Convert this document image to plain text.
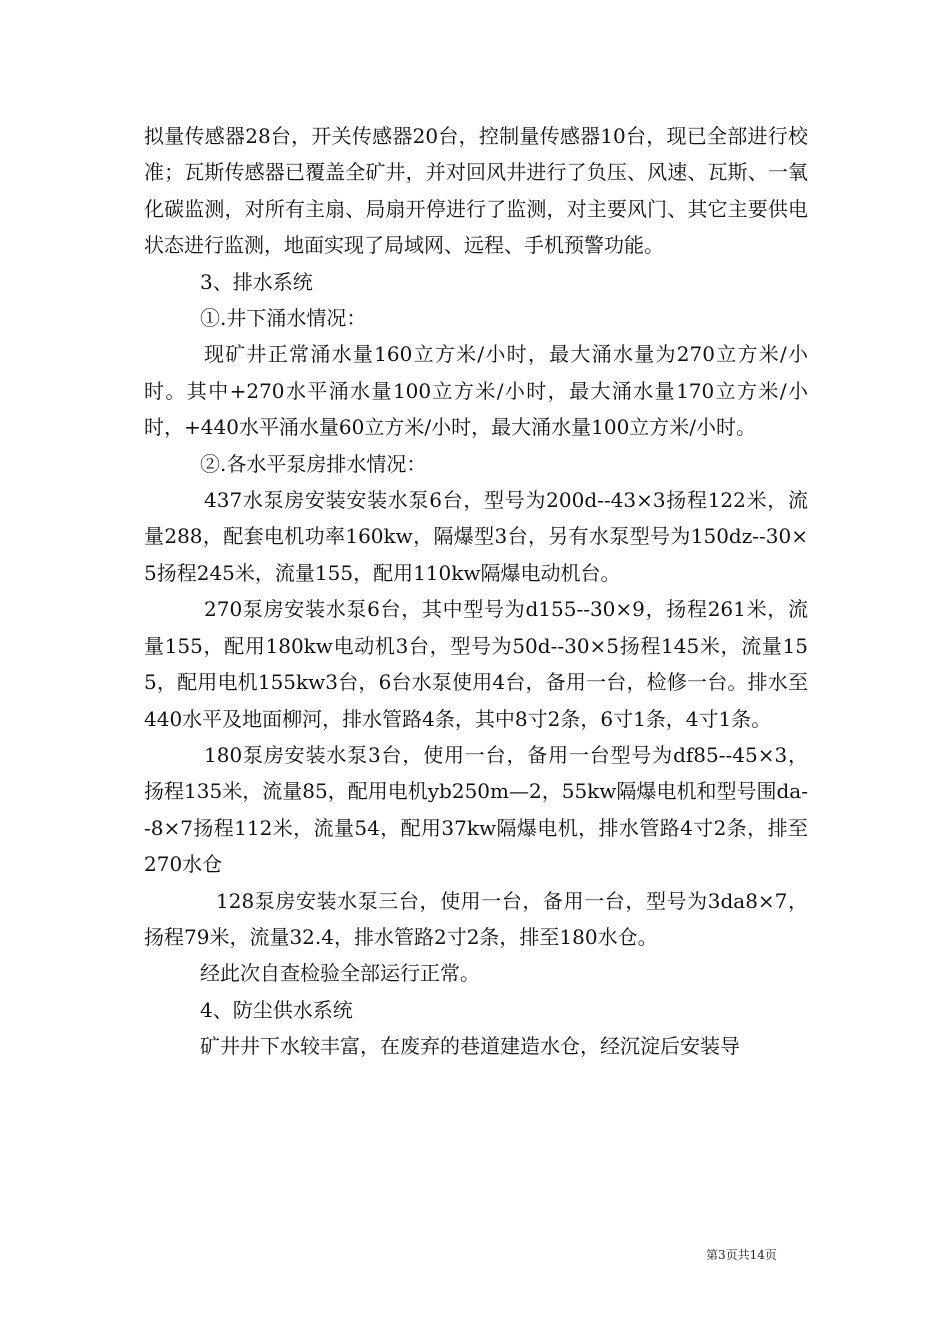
拟量传感器28台，开关传感器20台，控制量传感器10台，现已全部进行校准；瓦斯传感器已覆盖全矿井，并对回风井进行了负压、风速、瓦斯、一氧化碳监测，对所有主扇、局扇开停进行了监测，对主要风门、其它主要供电状态进行监测，地面实现了局域网、远程、手机预警功能。

3、排水系统

①.井下涌水情况：

现矿井正常涌水量160立方米/小时，最大涌水量为270立方米/小时。其中+270水平涌水量100立方米/小时，最大涌水量170立方米/小时，+440水平涌水量60立方米/小时，最大涌水量100立方米/小时。

②.各水平泵房排水情况：

437水泵房安装安装水泵6台，型号为200d--43×3扬程122米，流量288，配套电机功率160kw，隔爆型3台，另有水泵型号为150dz--30×5扬程245米，流量155，配用110kw隔爆电动机台。

270泵房安装水泵6台，其中型号为d155--30×9，扬程261米，流量155，配用180kw电动机3台，型号为50d--30×5扬程145米，流量155，配用电机155kw3台，6台水泵使用4台，备用一台，检修一台。排水至440水平及地面柳河，排水管路4条，其中8寸2条，6寸1条，4寸1条。

180泵房安装水泵3台，使用一台，备用一台型号为df85--45×3，扬程135米，流量85，配用电机yb250m—2，55kw隔爆电机和型号围da--8×7扬程112米，流量54，配用37kw隔爆电机，排水管路4寸2条，排至270水仓

128泵房安装水泵三台，使用一台，备用一台，型号为3da8×7，扬程79米，流量32.4，排水管路2寸2条，排至180水仓。

经此次自查检验全部运行正常。

4、防尘供水系统

矿井井下水较丰富，在废弃的巷道建造水仓，经沉淀后安装导

第3页共14页
